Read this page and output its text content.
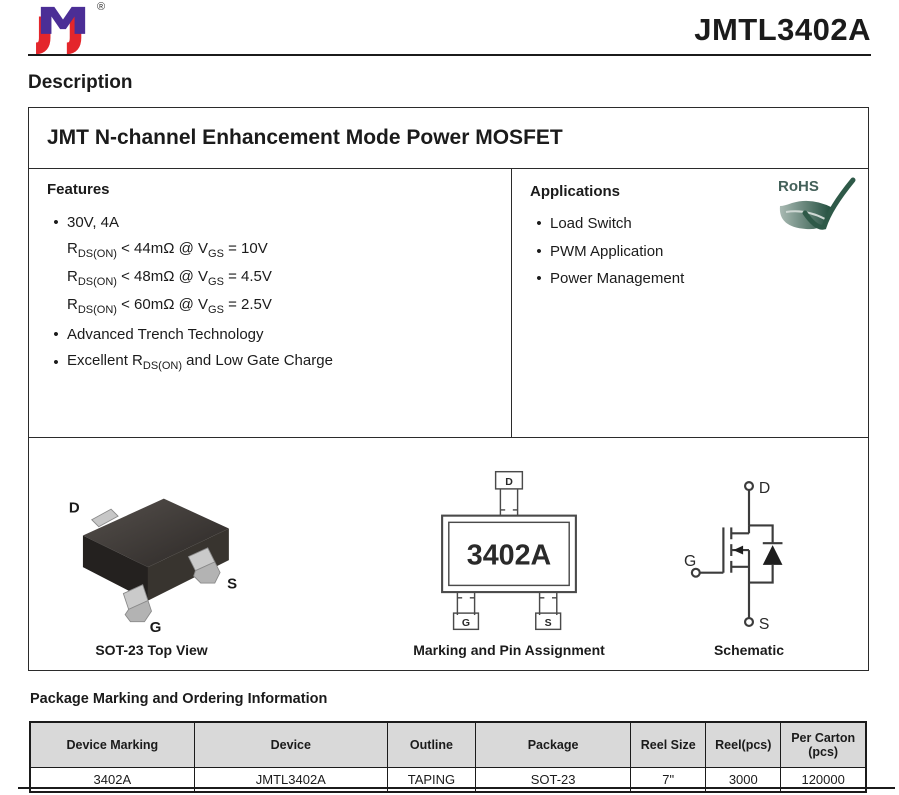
®
JMTL3402A
Description
JMT N-channel Enhancement Mode Power MOSFET
Features
• 30V, 4A
$R_{DS(ON)} < 44m\Omega$ @ $V_{GS} = 10V$
$R_{DS(ON)} < 48m\Omega$ @ $V_{GS} = 4.5V$
$R_{DS(ON)} < 60m\Omega$ @ $V_{GS} = 2.5V$
• Advanced Trench Technology
• Excellent $R_{DS(ON)}$ and Low Gate Charge
Applications
• Load Switch
• PWM Application
• Power Management
RoHS
D
S
G
SOT-23 Top View
D
3402A
G	S
Marking and Pin Assignment
D
S
G
Schematic
Package Marking and Ordering Information
Device Marking	Device	Outline	Package	Reel Size	Reel(pcs)	Per Carton (pcs)
3402A	JMTL3402A	TAPING	SOT-23	7"	3000	120000
